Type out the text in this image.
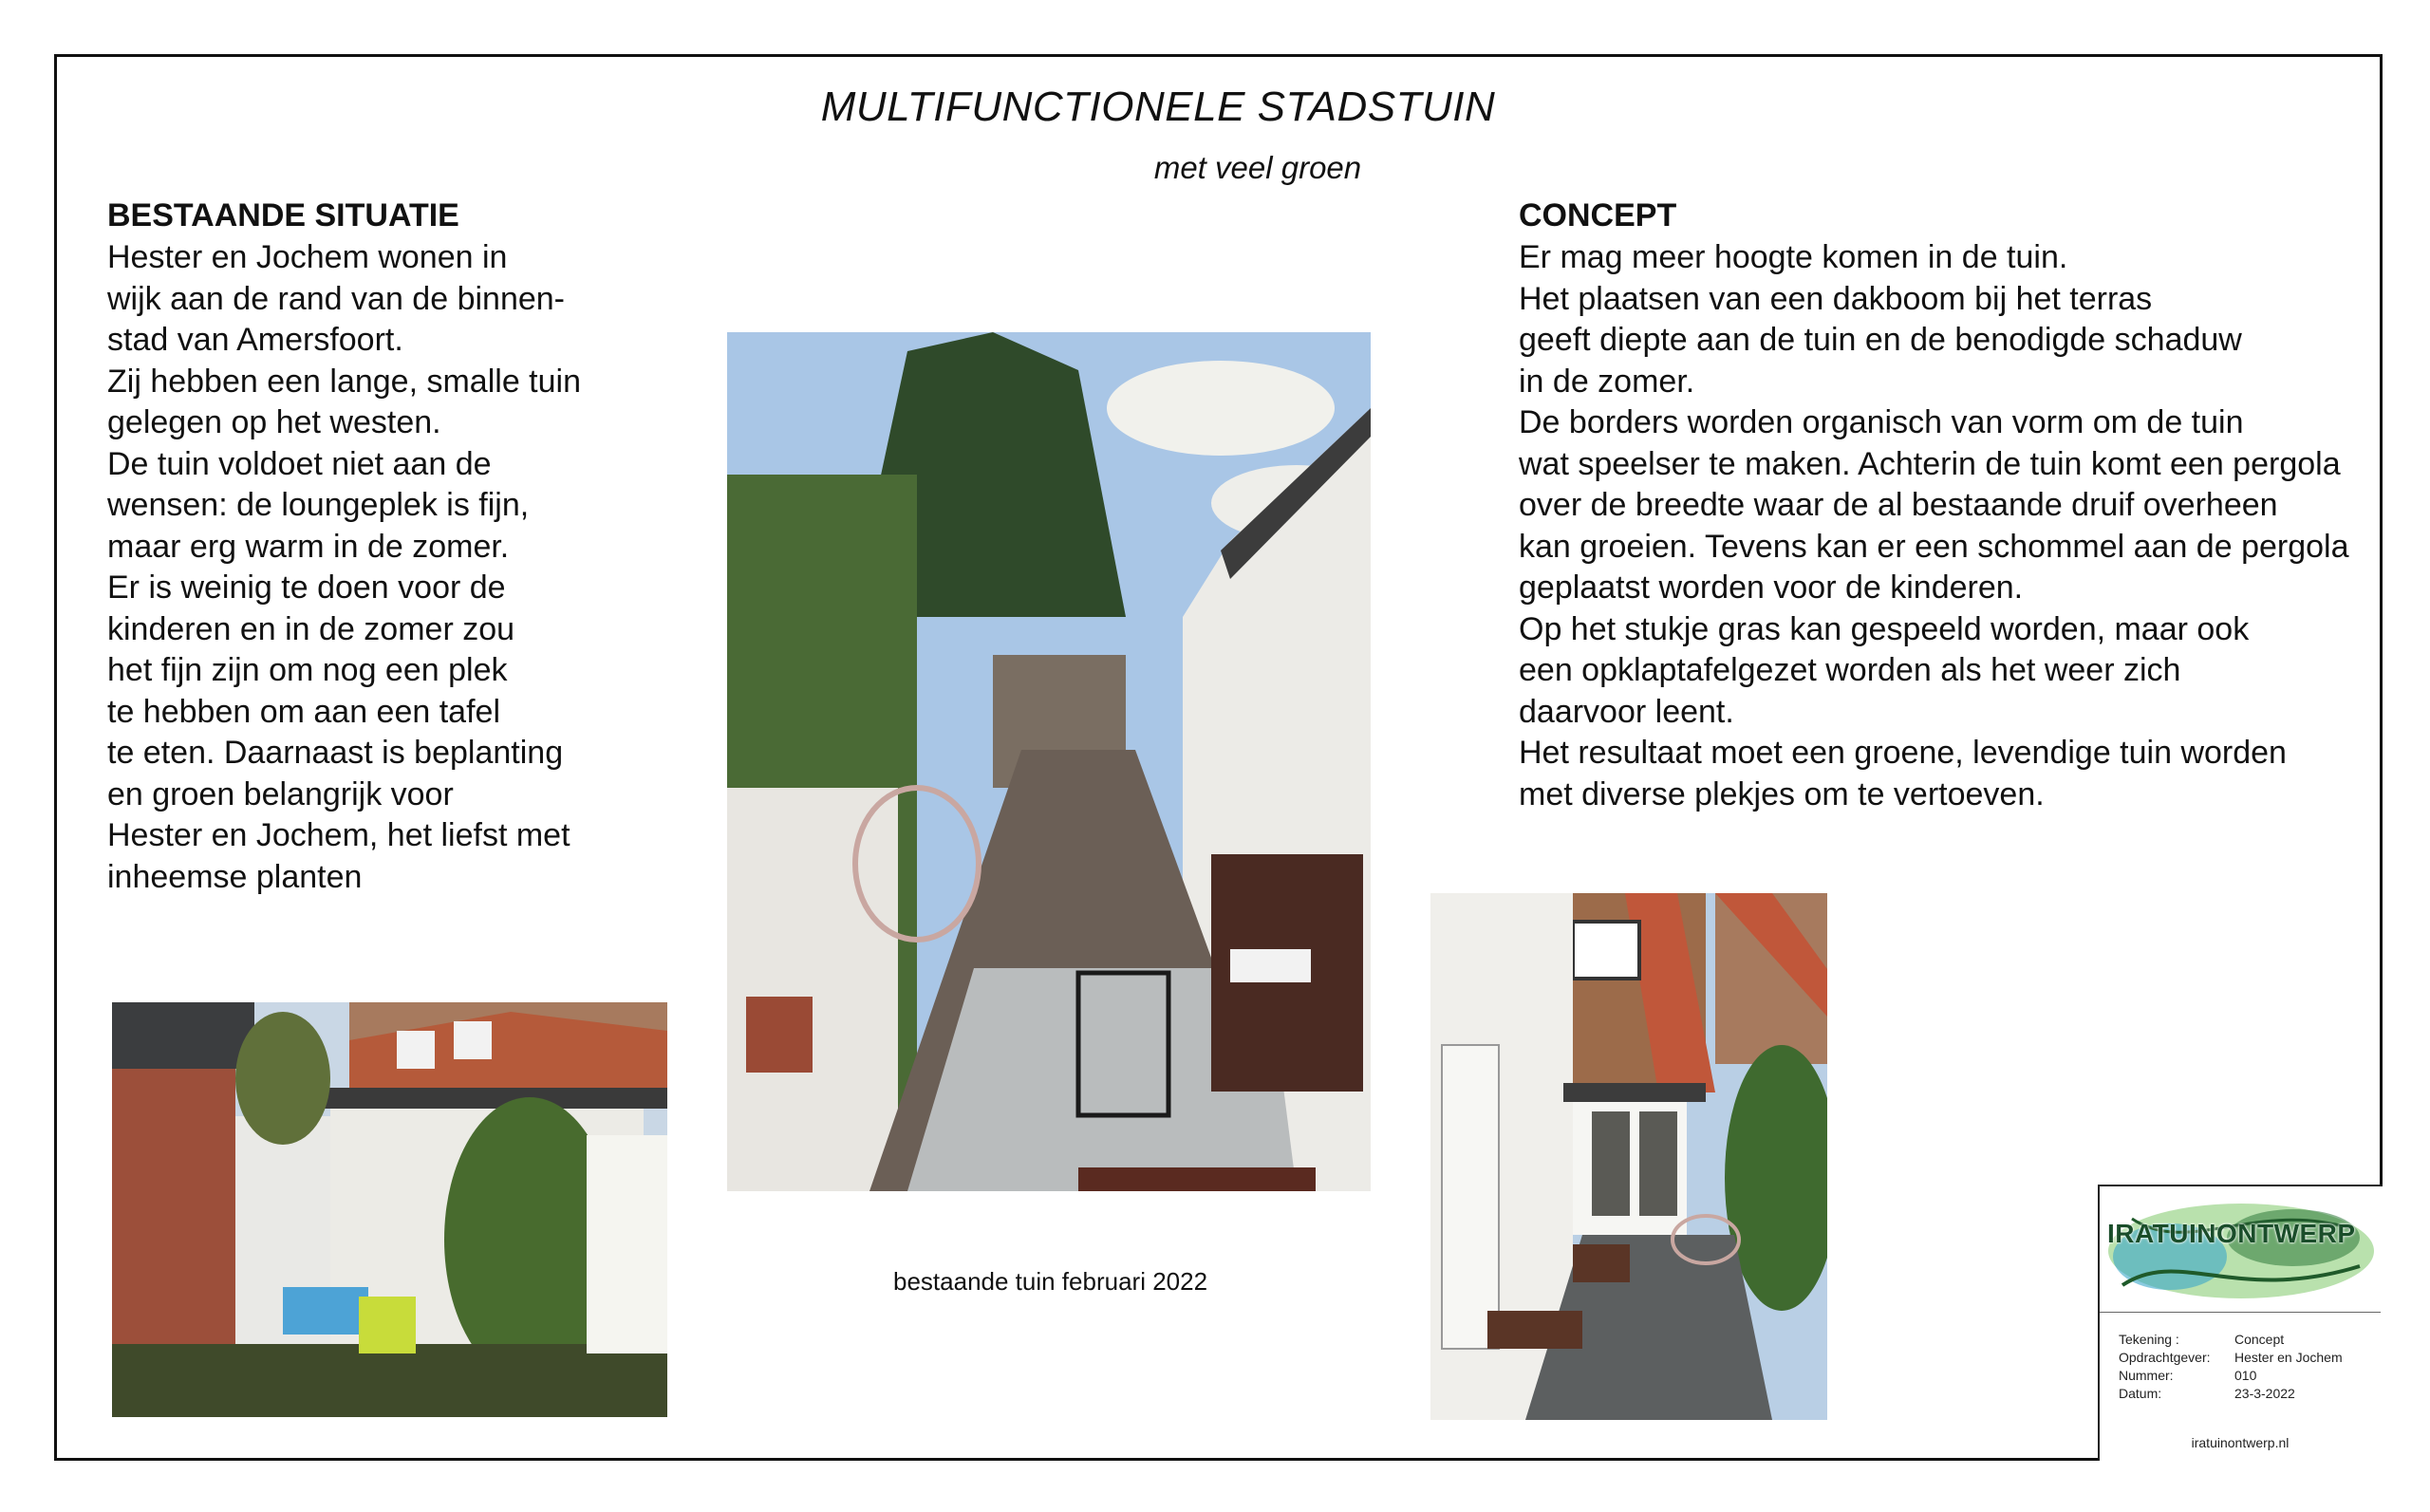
MULTIFUNCTIONELE STADSTUIN
met veel groen
BESTAANDE SITUATIE
Hester en Jochem wonen in
wijk aan de rand van de binnen-
stad van Amersfoort.
Zij hebben een lange, smalle tuin
gelegen op het westen.
De tuin voldoet niet aan de
wensen: de loungeplek is fijn,
maar erg warm in de zomer.
Er is weinig te doen voor de
kinderen en in de zomer zou
het fijn zijn om nog een plek
te hebben om aan een tafel
te eten. Daarnaast is beplanting
en groen belangrijk voor
Hester en Jochem, het liefst met
inheemse planten
CONCEPT
Er mag meer hoogte komen in de tuin.
Het plaatsen van een dakboom bij het terras
geeft diepte aan de tuin en de benodigde schaduw
in de zomer.
De borders worden organisch van vorm om de tuin
wat speelser te maken. Achterin de tuin komt een pergola
over de breedte waar de al bestaande druif overheen
kan groeien. Tevens kan er een schommel aan de pergola
geplaatst worden voor de kinderen.
Op het stukje gras kan gespeeld worden, maar ook
een opklaptafelgezet worden als het weer zich
daarvoor leent.
Het resultaat moet een groene, levendige tuin worden
met diverse plekjes om te vertoeven.
bestaande tuin februari 2022
IRATUINONTWERP
Tekening :	Concept
Opdrachtgever:	Hester en Jochem
Nummer:	010
Datum:	23-3-2022
iratuinontwerp.nl
